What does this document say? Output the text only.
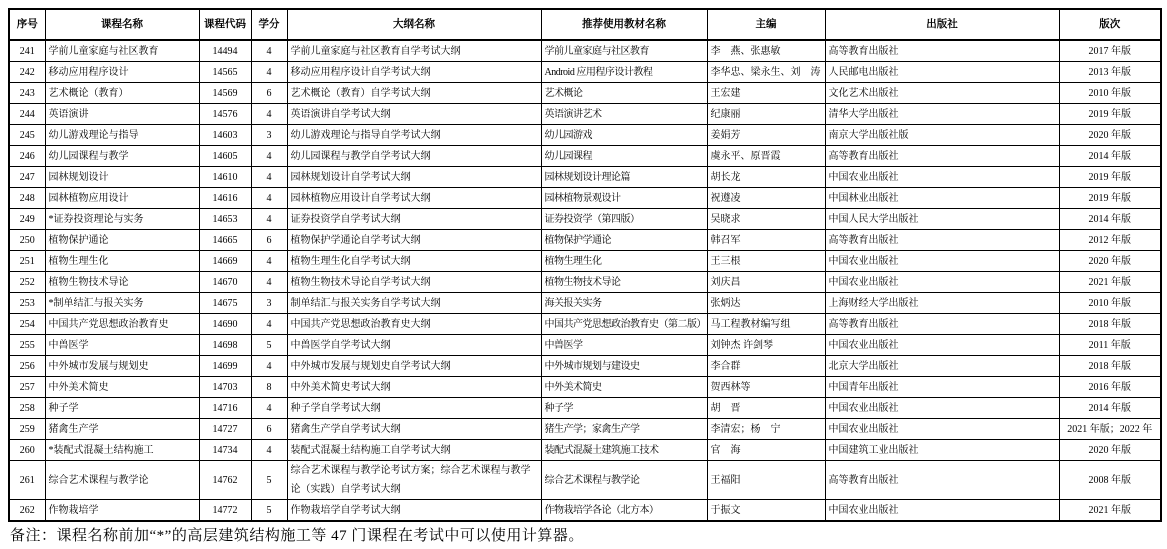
序号	课程名称	课程代码	学分	大纲名称	推荐使用教材名称	主编	出版社	版次
241	学前儿童家庭与社区教育	14494	4	学前儿童家庭与社区教育自学考试大纲	学前儿童家庭与社区教育	李　燕、张惠敏	高等教育出版社	2017 年版
242	移动应用程序设计	14565	4	移动应用程序设计自学考试大纲	Android 应用程序设计教程	李华忠、梁永生、刘　涛	人民邮电出版社	2013 年版
243	艺术概论（教育）	14569	6	艺术概论（教育）自学考试大纲	艺术概论	王宏建	文化艺术出版社	2010 年版
244	英语演讲	14576	4	英语演讲自学考试大纲	英语演讲艺术	纪康丽	清华大学出版社	2019 年版
245	幼儿游戏理论与指导	14603	3	幼儿游戏理论与指导自学考试大纲	幼儿园游戏	姜娟芳	南京大学出版社版	2020 年版
246	幼儿园课程与教学	14605	4	幼儿园课程与教学自学考试大纲	幼儿园课程	虞永平、原晋霞	高等教育出版社	2014 年版
247	园林规划设计	14610	4	园林规划设计自学考试大纲	园林规划设计理论篇	胡长龙	中国农业出版社	2019 年版
248	园林植物应用设计	14616	4	园林植物应用设计自学考试大纲	园林植物景观设计	祝遵凌	中国林业出版社	2019 年版
249	*证券投资理论与实务	14653	4	证券投资学自学考试大纲	证券投资学（第四版）	吴晓求	中国人民大学出版社	2014 年版
250	植物保护通论	14665	6	植物保护学通论自学考试大纲	植物保护学通论	韩召军	高等教育出版社	2012 年版
251	植物生理生化	14669	4	植物生理生化自学考试大纲	植物生理生化	王三根	中国农业出版社	2020 年版
252	植物生物技术导论	14670	4	植物生物技术导论自学考试大纲	植物生物技术导论	刘庆昌	中国农业出版社	2021 年版
253	*制单结汇与报关实务	14675	3	制单结汇与报关实务自学考试大纲	海关报关实务	张炳达	上海财经大学出版社	2010 年版
254	中国共产党思想政治教育史	14690	4	中国共产党思想政治教育史大纲	中国共产党思想政治教育史（第二版）	马工程教材编写组	高等教育出版社	2018 年版
255	中兽医学	14698	5	中兽医学自学考试大纲	中兽医学	刘钟杰 许剑琴	中国农业出版社	2011 年版
256	中外城市发展与规划史	14699	4	中外城市发展与规划史自学考试大纲	中外城市规划与建设史	李合群	北京大学出版社	2018 年版
257	中外美术简史	14703	8	中外美术简史考试大纲	中外美术简史	贺西林等	中国青年出版社	2016 年版
258	种子学	14716	4	种子学自学考试大纲	种子学	胡　晋	中国农业出版社	2014 年版
259	猪禽生产学	14727	6	猪禽生产学自学考试大纲	猪生产学；家禽生产学	李清宏；杨　宁	中国农业出版社	2021 年版；2022 年
260	*装配式混凝土结构施工	14734	4	装配式混凝土结构施工自学考试大纲	装配式混凝土建筑施工技术	官　海	中国建筑工业出版社	2020 年版
261	综合艺术课程与教学论	14762	5	综合艺术课程与教学论考试方案；综合艺术课程与教学论（实践）自学考试大纲	综合艺术课程与教学论	王福阳	高等教育出版社	2008 年版
262	作物栽培学	14772	5	作物栽培学自学考试大纲	作物栽培学各论（北方本）	于振文	中国农业出版社	2021 年版
备注：课程名称前加“*”的高层建筑结构施工等 47 门课程在考试中可以使用计算器。
